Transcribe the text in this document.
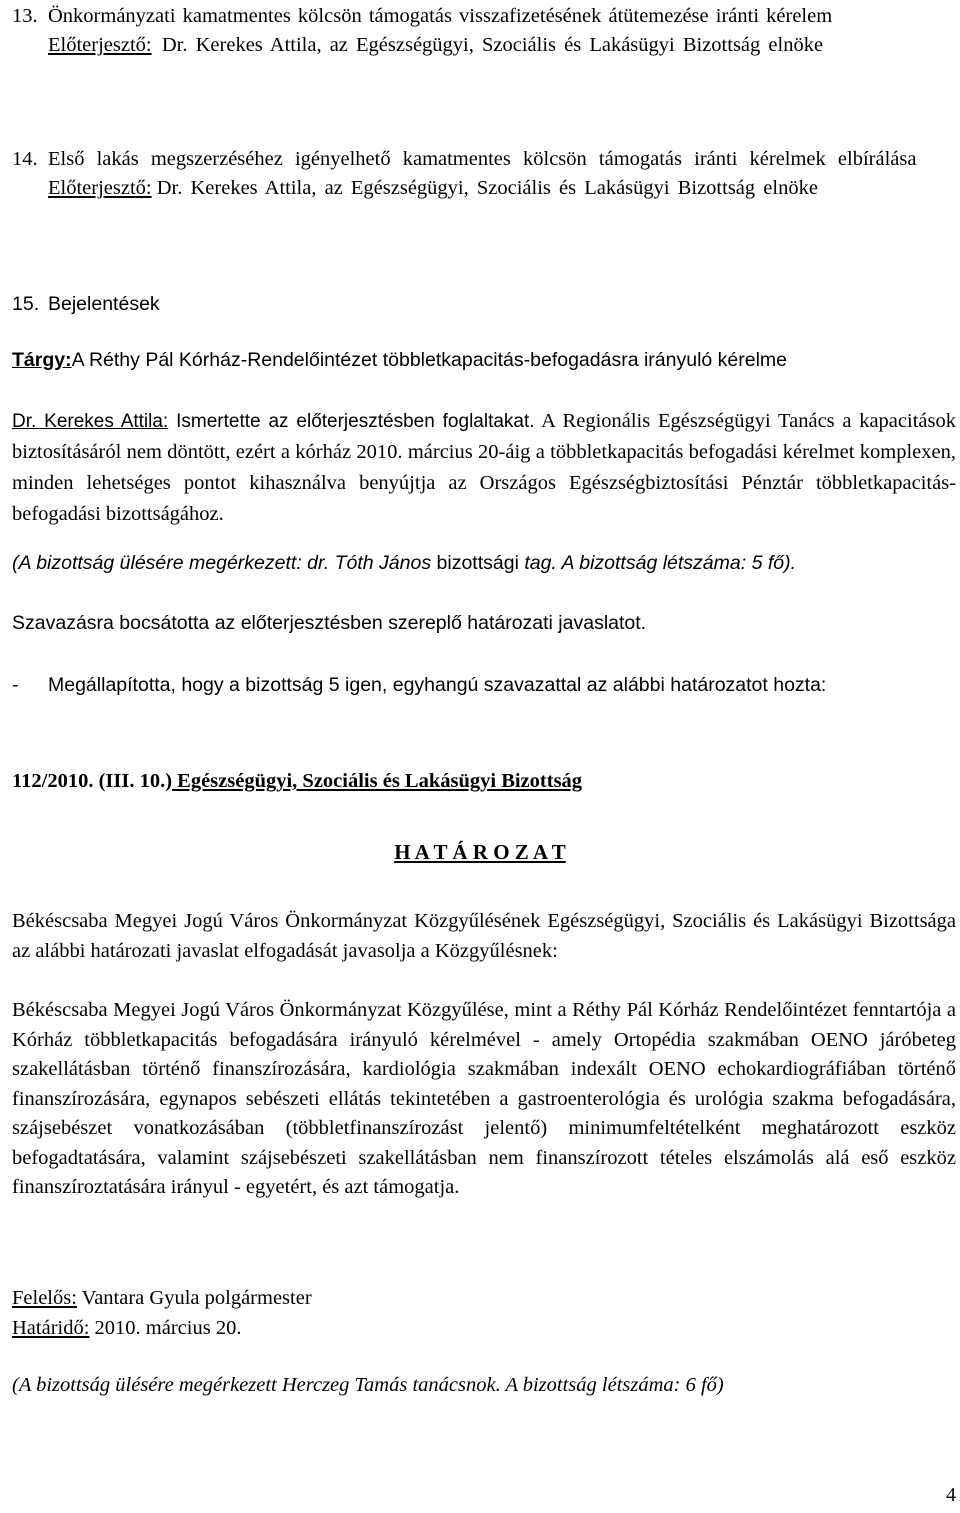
13. Önkormányzati kamatmentes kölcsön támogatás visszafizetésének átütemezése iránti kérelem
Előterjesztő: Dr. Kerekes Attila, az Egészségügyi, Szociális és Lakásügyi Bizottság elnöke
14. Első lakás megszerzéséhez igényelhető kamatmentes kölcsön támogatás iránti kérelmek elbírálása
Előterjesztő: Dr. Kerekes Attila, az Egészségügyi, Szociális és Lakásügyi Bizottság elnöke
15. Bejelentések
Tárgy:A Réthy Pál Kórház-Rendelőintézet többletkapacitás-befogadásra irányuló kérelme
Dr. Kerekes Attila: Ismertette az előterjesztésben foglaltakat. A Regionális Egészségügyi Tanács a kapacitások biztosításáról nem döntött, ezért a kórház 2010. március 20-áig a többletkapacitás befogadási kérelmet komplexen, minden lehetséges pontot kihasználva benyújtja az Országos Egészségbiztosítási Pénztár többletkapacitás-befogadási bizottságához.
(A bizottság ülésére megérkezett: dr. Tóth János bizottsági tag. A bizottság létszáma: 5 fő).
Szavazásra bocsátotta az előterjesztésben szereplő határozati javaslatot.
- Megállapította, hogy a bizottság 5 igen, egyhangú szavazattal az alábbi határozatot hozta:
112/2010. (III. 10.) Egészségügyi, Szociális és Lakásügyi Bizottság
H A T Á R O Z A T
Békéscsaba Megyei Jogú Város Önkormányzat Közgyűlésének Egészségügyi, Szociális és Lakásügyi Bizottsága az alábbi határozati javaslat elfogadását javasolja a Közgyűlésnek:
Békéscsaba Megyei Jogú Város Önkormányzat Közgyűlése, mint a Réthy Pál Kórház Rendelőintézet fenntartója a Kórház többletkapacitás befogadására irányuló kérelmével - amely Ortopédia szakmában OENO járóbeteg szakellátásban történő finanszírozására, kardiológia szakmában indexált OENO echokardiográfiában történő finanszírozására, egynapos sebészeti ellátás tekintetében a gastroenterológia és urológia szakma befogadására, szájsebészet vonatkozásában (többletfinanszírozást jelentő) minimumfeltételként meghatározott eszköz befogadtatására, valamint szájsebészeti szakellátásban nem finanszírozott tételes elszámolás alá eső eszköz finanszíroztatására irányul - egyetért, és azt támogatja.
Felelős: Vantara Gyula polgármester
Határidő: 2010. március 20.
(A bizottság ülésére megérkezett Herczeg Tamás tanácsnok. A bizottság létszáma: 6 fő)
4
